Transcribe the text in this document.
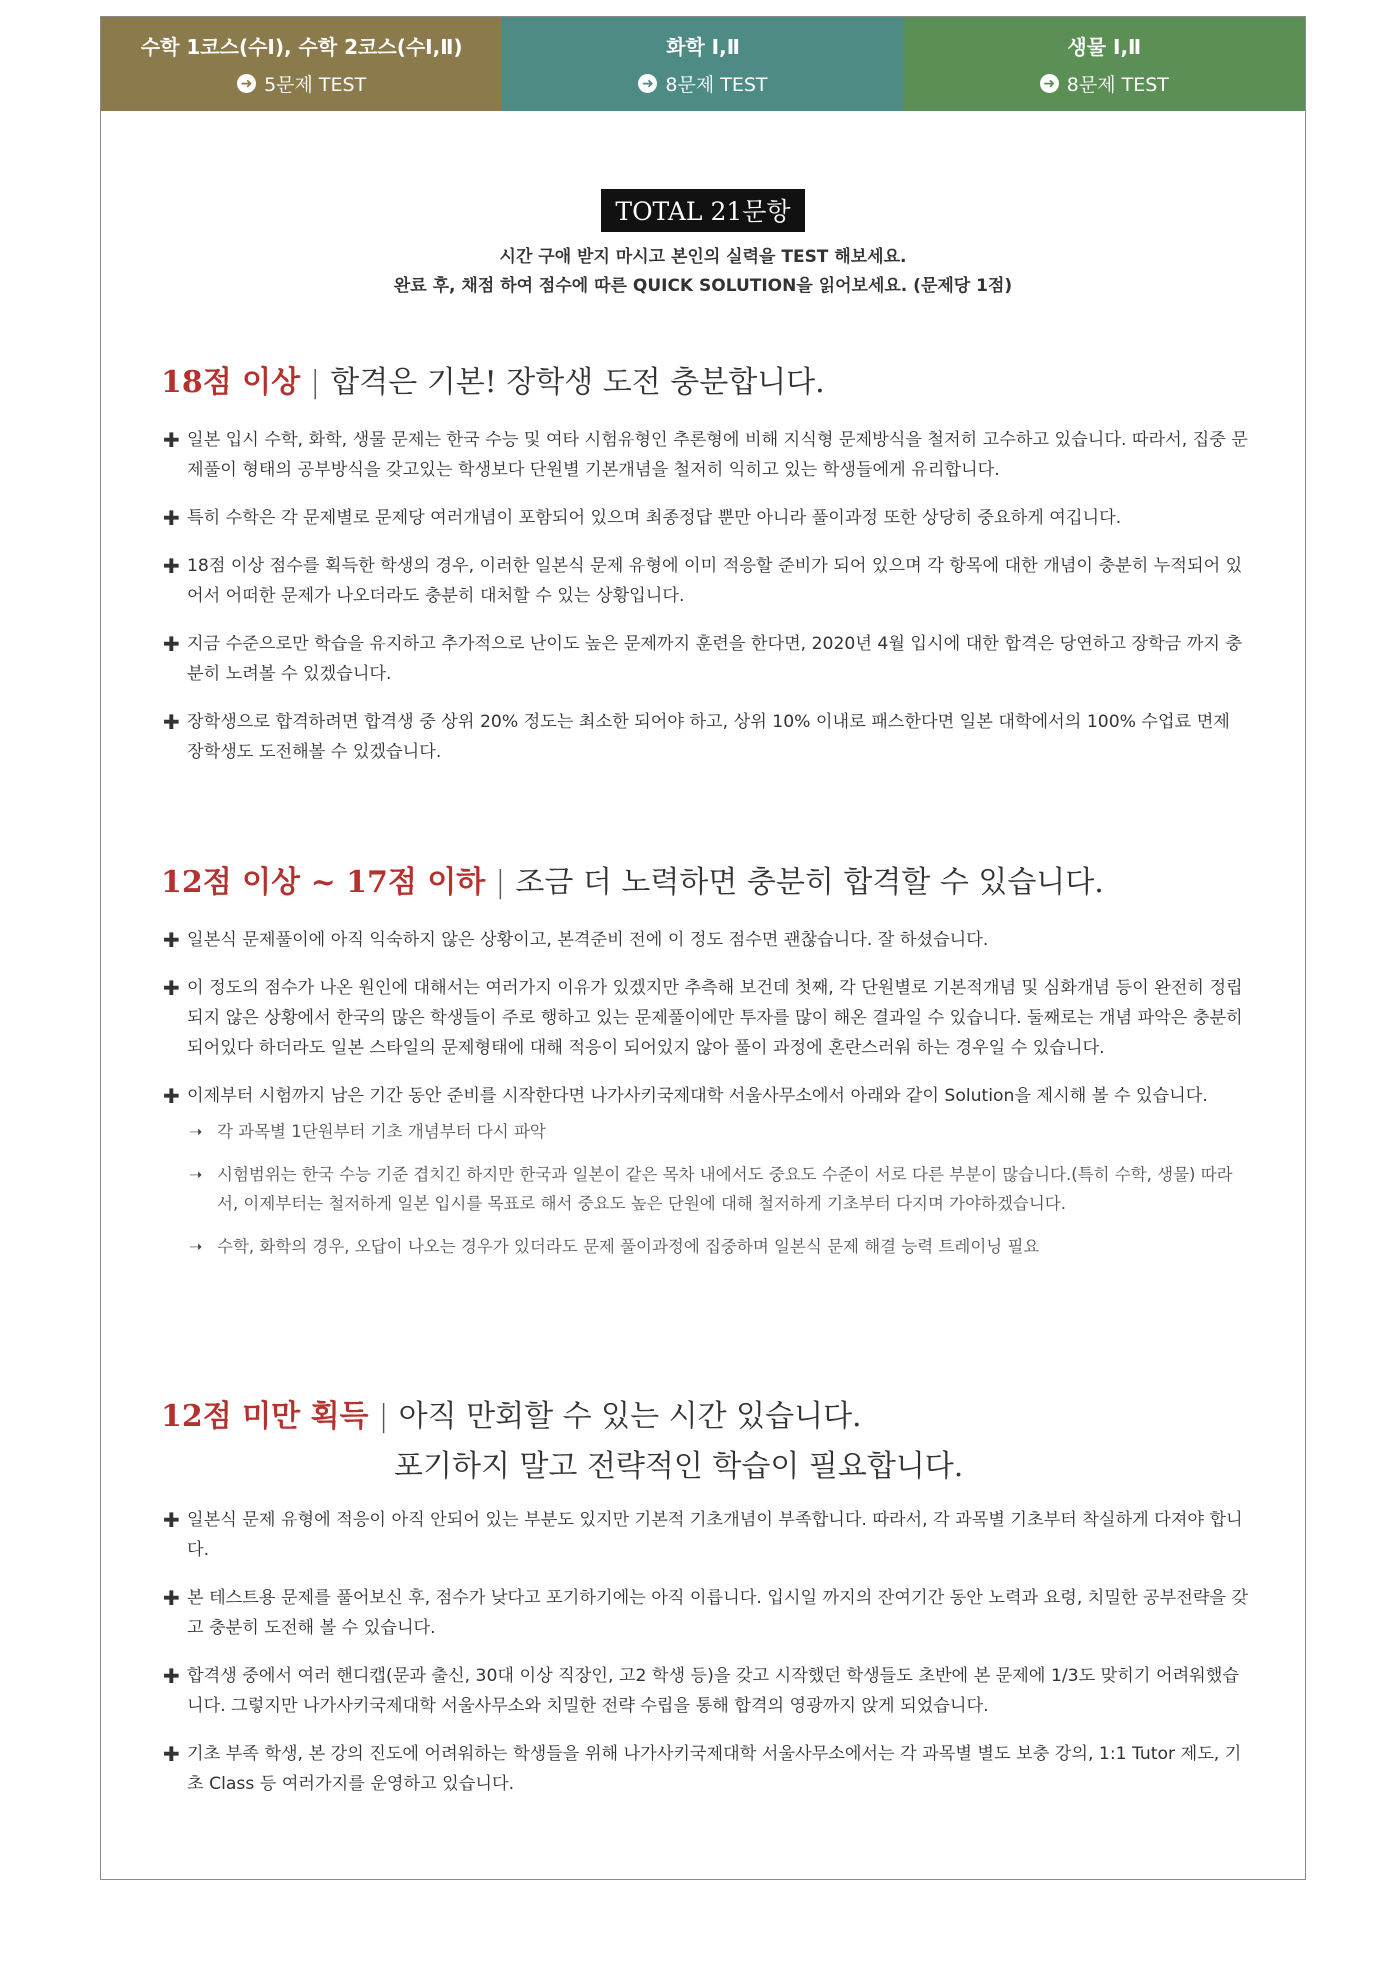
수학 1코스(수Ⅰ), 수학 2코스(수Ⅰ,Ⅱ)
➜ 5문제 TEST
화학 Ⅰ,Ⅱ
➜ 8문제 TEST
생물 Ⅰ,Ⅱ
➜ 8문제 TEST
TOTAL 21문항
시간 구애 받지 마시고 본인의 실력을 TEST 해보세요.
완료 후, 채점 하여 점수에 따른 QUICK SOLUTION을 읽어보세요. (문제당 1점)
18점 이상 | 합격은 기본! 장학생 도전 충분합니다.
✚ 일본 입시 수학, 화학, 생물 문제는 한국 수능 및 여타 시험유형인 추론형에 비해 지식형 문제방식을 철저히 고수하고 있습니다. 따라서, 집중 문제풀이 형태의 공부방식을 갖고있는 학생보다 단원별 기본개념을 철저히 익히고 있는 학생들에게 유리합니다.
✚ 특히 수학은 각 문제별로 문제당 여러개념이 포함되어 있으며 최종정답 뿐만 아니라 풀이과정 또한 상당히 중요하게 여깁니다.
✚ 18점 이상 점수를 획득한 학생의 경우, 이러한 일본식 문제 유형에 이미 적응할 준비가 되어 있으며 각 항목에 대한 개념이 충분히 누적되어 있어서 어떠한 문제가 나오더라도 충분히 대처할 수 있는 상황입니다.
✚ 지금 수준으로만 학습을 유지하고 추가적으로 난이도 높은 문제까지 훈련을 한다면, 2020년 4월 입시에 대한 합격은 당연하고 장학금 까지 충분히 노려볼 수 있겠습니다.
✚ 장학생으로 합격하려면 합격생 중 상위 20% 정도는 최소한 되어야 하고, 상위 10% 이내로 패스한다면 일본 대학에서의 100% 수업료 면제 장학생도 도전해볼 수 있겠습니다.
12점 이상 ~ 17점 이하 | 조금 더 노력하면 충분히 합격할 수 있습니다.
✚ 일본식 문제풀이에 아직 익숙하지 않은 상황이고, 본격준비 전에 이 정도 점수면 괜찮습니다. 잘 하셨습니다.
✚ 이 정도의 점수가 나온 원인에 대해서는 여러가지 이유가 있겠지만 추측해 보건데 첫째, 각 단원별로 기본적개념 및 심화개념 등이 완전히 정립되지 않은 상황에서 한국의 많은 학생들이 주로 행하고 있는 문제풀이에만 투자를 많이 해온 결과일 수 있습니다. 둘째로는 개념 파악은 충분히 되어있다 하더라도 일본 스타일의 문제형태에 대해 적응이 되어있지 않아 풀이 과정에 혼란스러워 하는 경우일 수 있습니다.
✚ 이제부터 시험까지 남은 기간 동안 준비를 시작한다면 나가사키국제대학 서울사무소에서 아래와 같이 Solution을 제시해 볼 수 있습니다.
➝ 각 과목별 1단원부터 기초 개념부터 다시 파악
➝ 시험범위는 한국 수능 기준 겹치긴 하지만 한국과 일본이 같은 목차 내에서도 중요도 수준이 서로 다른 부분이 많습니다.(특히 수학, 생물) 따라서, 이제부터는 철저하게 일본 입시를 목표로 해서 중요도 높은 단원에 대해 철저하게 기초부터 다지며 가야하겠습니다.
➝ 수학, 화학의 경우, 오답이 나오는 경우가 있더라도 문제 풀이과정에 집중하며 일본식 문제 해결 능력 트레이닝 필요
12점 미만 획득 | 아직 만회할 수 있는 시간 있습니다.
포기하지 말고 전략적인 학습이 필요합니다.
✚ 일본식 문제 유형에 적응이 아직 안되어 있는 부분도 있지만 기본적 기초개념이 부족합니다. 따라서, 각 과목별 기초부터 착실하게 다져야 합니다.
✚ 본 테스트용 문제를 풀어보신 후, 점수가 낮다고 포기하기에는 아직 이릅니다. 입시일 까지의 잔여기간 동안 노력과 요령, 치밀한 공부전략을 갖고 충분히 도전해 볼 수 있습니다.
✚ 합격생 중에서 여러 핸디캡(문과 출신, 30대 이상 직장인, 고2 학생 등)을 갖고 시작했던 학생들도 초반에 본 문제에 1/3도 맞히기 어려워했습니다. 그렇지만 나가사키국제대학 서울사무소와 치밀한 전략 수립을 통해 합격의 영광까지 앉게 되었습니다.
✚ 기초 부족 학생, 본 강의 진도에 어려워하는 학생들을 위해 나가사키국제대학 서울사무소에서는 각 과목별 별도 보충 강의, 1:1 Tutor 제도, 기초 Class 등 여러가지를 운영하고 있습니다.
